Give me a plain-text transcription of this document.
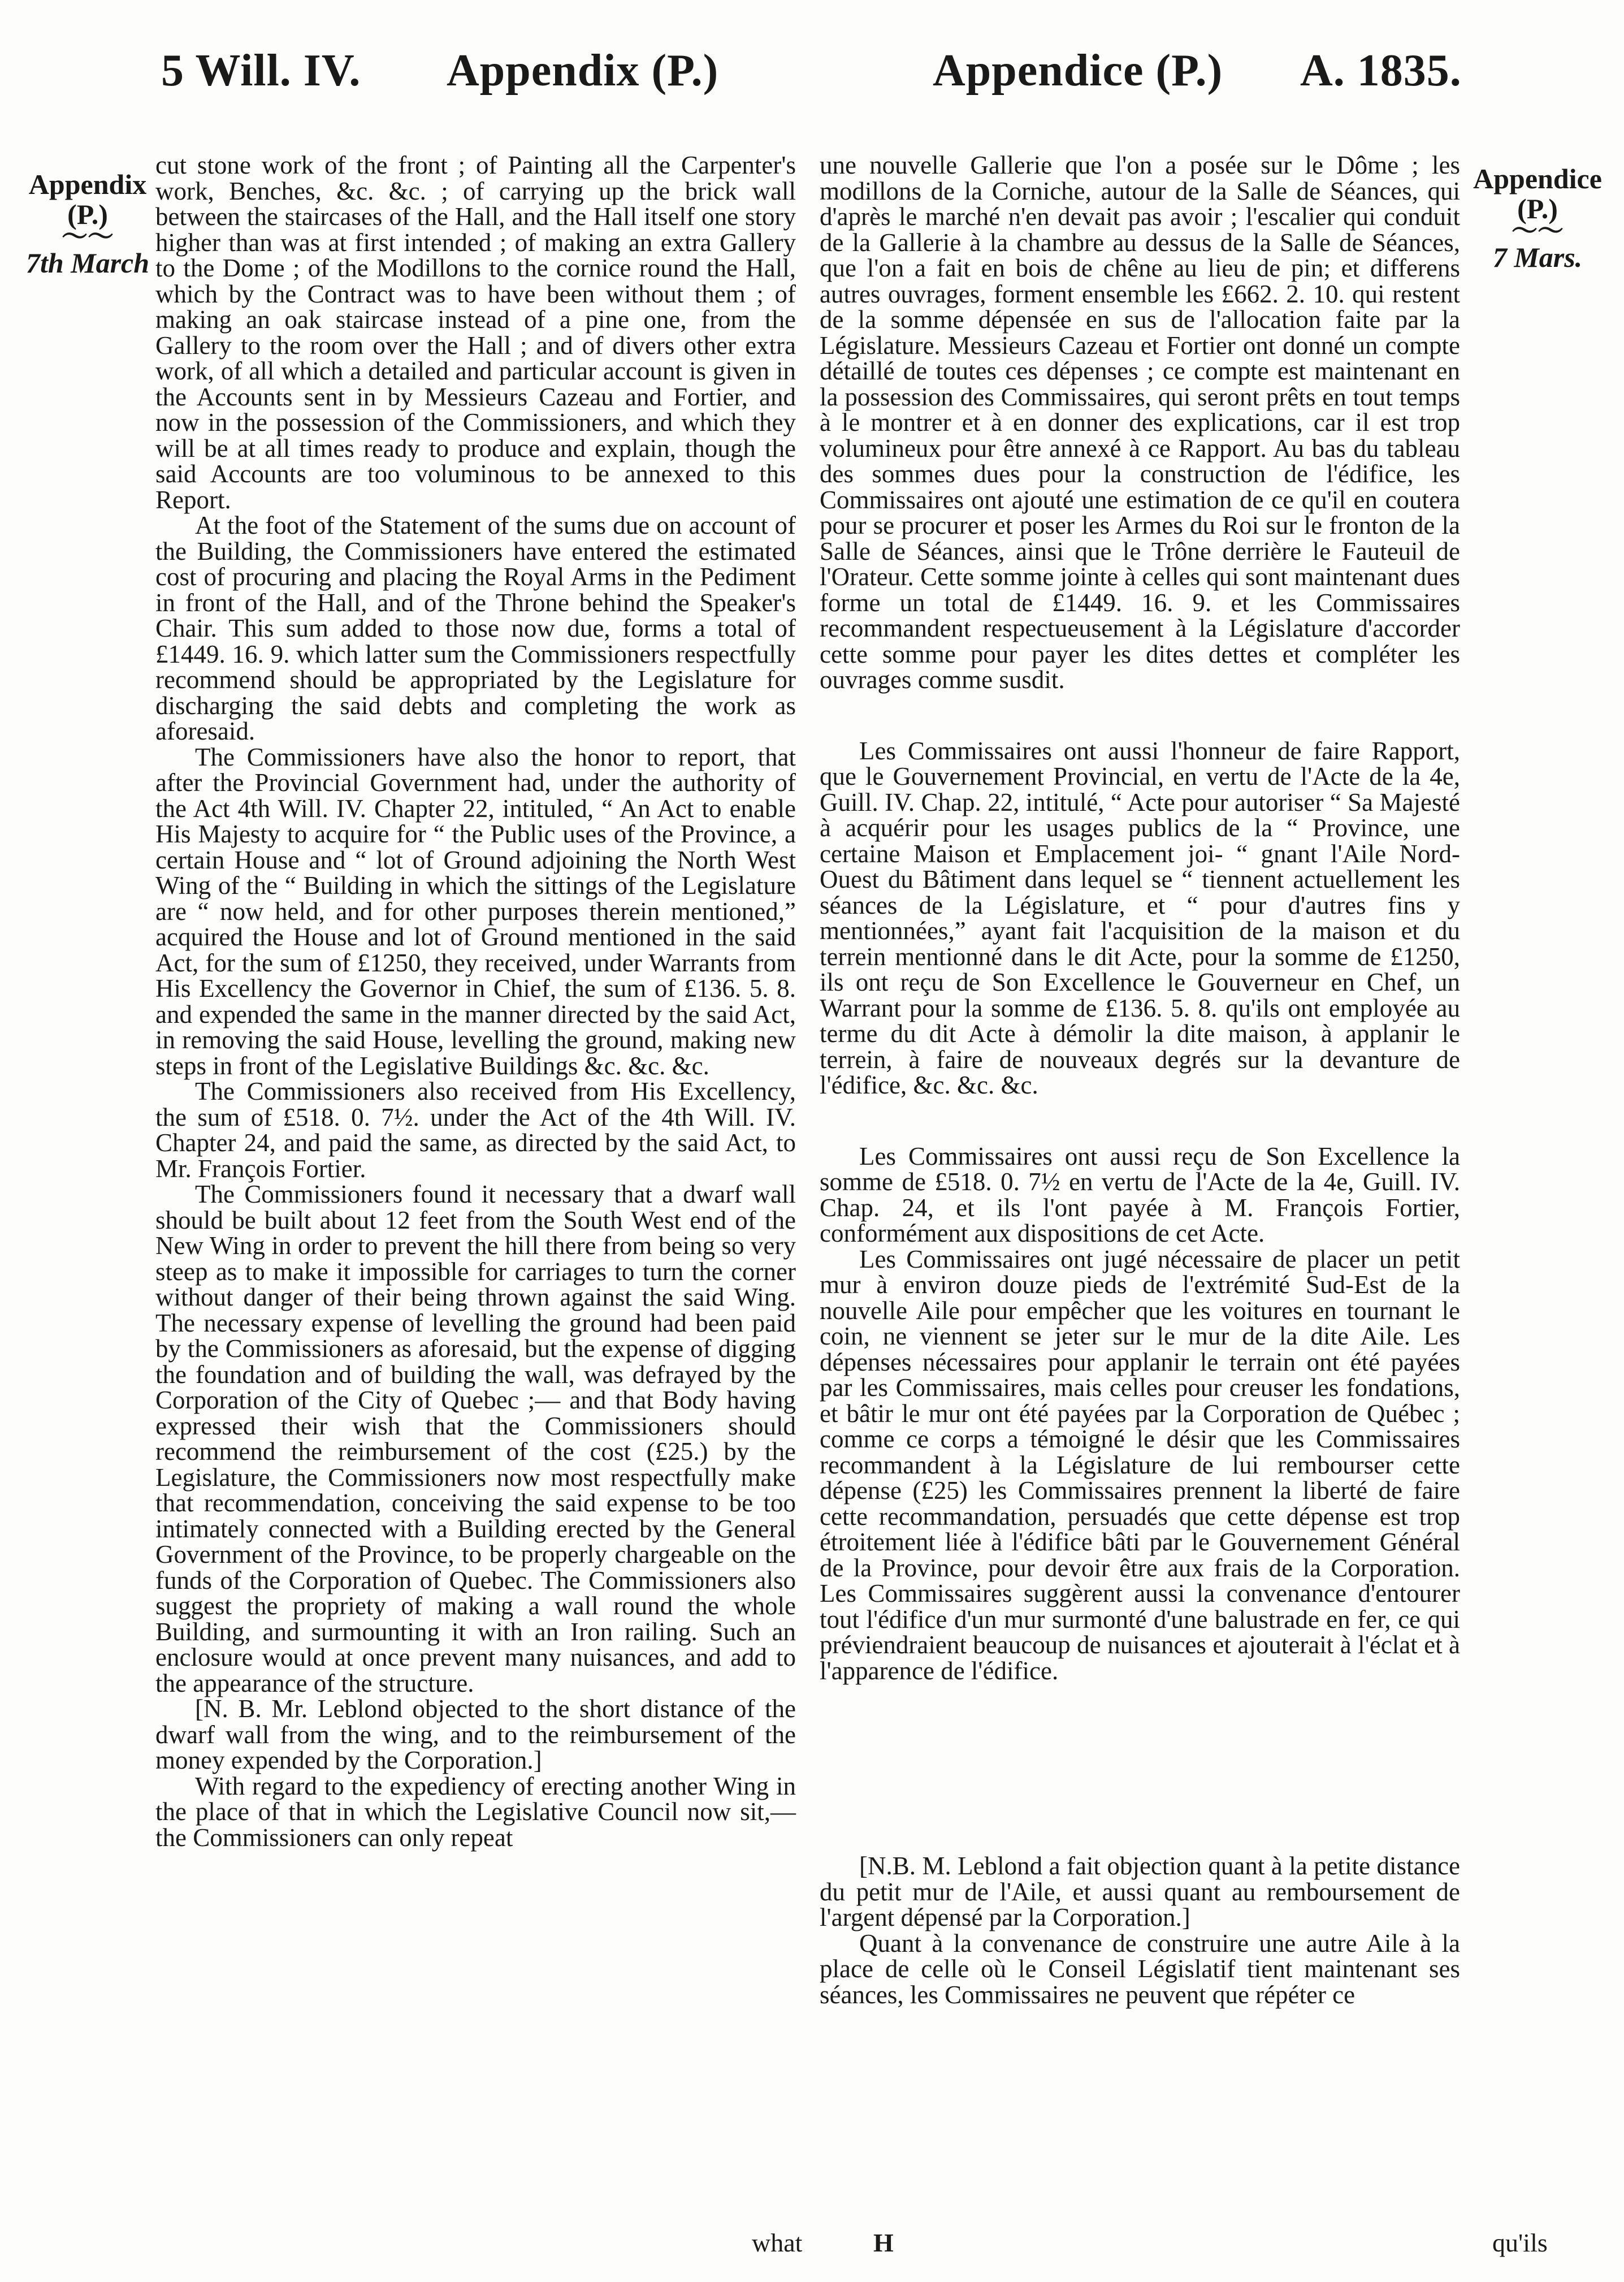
5 Will. IV. Appendix (P.)	Appendice (P.) A. 1835.
Appendix
(P.)
〜〜
7th March
Appendice
(P.)
〜〜
7 Mars.

cut stone work of the front ; of Painting all the Carpenter's work, Benches, &c. &c. ; of carrying up the brick wall between the staircases of the Hall, and the Hall itself one story higher than was at first intended ; of making an extra Gallery to the Dome ; of the Modillons to the cornice round the Hall, which by the Contract was to have been without them ; of making an oak staircase instead of a pine one, from the Gallery to the room over the Hall ; and of divers other extra work, of all which a detailed and particular account is given in the Accounts sent in by Messieurs Cazeau and Fortier, and now in the possession of the Commissioners, and which they will be at all times ready to produce and explain, though the said Accounts are too voluminous to be annexed to this Report.

At the foot of the Statement of the sums due on account of the Building, the Commissioners have entered the estimated cost of procuring and placing the Royal Arms in the Pediment in front of the Hall, and of the Throne behind the Speaker's Chair. This sum added to those now due, forms a total of £1449. 16. 9. which latter sum the Commissioners respectfully recommend should be appropriated by the Legislature for discharging the said debts and completing the work as aforesaid.

The Commissioners have also the honor to report, that after the Provincial Government had, under the authority of the Act 4th Will. IV. Chapter 22, intituled, “ An Act to enable His Majesty to acquire for “ the Public uses of the Province, a certain House and “ lot of Ground adjoining the North West Wing of the “ Building in which the sittings of the Legislature are “ now held, and for other purposes therein mentioned,” acquired the House and lot of Ground mentioned in the said Act, for the sum of £1250, they received, under Warrants from His Excellency the Governor in Chief, the sum of £136. 5. 8. and expended the same in the manner directed by the said Act, in removing the said House, levelling the ground, making new steps in front of the Legislative Buildings &c. &c. &c.

The Commissioners also received from His Excellency, the sum of £518. 0. 7½. under the Act of the 4th Will. IV. Chapter 24, and paid the same, as directed by the said Act, to Mr. François Fortier.

The Commissioners found it necessary that a dwarf wall should be built about 12 feet from the South West end of the New Wing in order to prevent the hill there from being so very steep as to make it impossible for carriages to turn the corner without danger of their being thrown against the said Wing. The necessary expense of levelling the ground had been paid by the Commissioners as aforesaid, but the expense of digging the foundation and of building the wall, was defrayed by the Corporation of the City of Quebec ;— and that Body having expressed their wish that the Commissioners should recommend the reimbursement of the cost (£25.) by the Legislature, the Commissioners now most respectfully make that recommendation, conceiving the said expense to be too intimately connected with a Building erected by the General Government of the Province, to be properly chargeable on the funds of the Corporation of Quebec. The Commissioners also suggest the propriety of making a wall round the whole Building, and surmounting it with an Iron railing. Such an enclosure would at once prevent many nuisances, and add to the appearance of the structure.

[N. B. Mr. Leblond objected to the short distance of the dwarf wall from the wing, and to the reimbursement of the money expended by the Corporation.]

With regard to the expediency of erecting another Wing in the place of that in which the Legislative Council now sit,—the Commissioners can only repeat

une nouvelle Gallerie que l'on a posée sur le Dôme ; les modillons de la Corniche, autour de la Salle de Séances, qui d'après le marché n'en devait pas avoir ; l'escalier qui conduit de la Gallerie à la chambre au dessus de la Salle de Séances, que l'on a fait en bois de chêne au lieu de pin; et differens autres ouvrages, forment ensemble les £662. 2. 10. qui restent de la somme dépensée en sus de l'allocation faite par la Législature. Messieurs Cazeau et Fortier ont donné un compte détaillé de toutes ces dépenses ; ce compte est maintenant en la possession des Commissaires, qui seront prêts en tout temps à le montrer et à en donner des explications, car il est trop volumineux pour être annexé à ce Rapport. Au bas du tableau des sommes dues pour la construction de l'édifice, les Commissaires ont ajouté une estimation de ce qu'il en coutera pour se procurer et poser les Armes du Roi sur le fronton de la Salle de Séances, ainsi que le Trône derrière le Fauteuil de l'Orateur. Cette somme jointe à celles qui sont maintenant dues forme un total de £1449. 16. 9. et les Commissaires recommandent respectueusement à la Législature d'accorder cette somme pour payer les dites dettes et compléter les ouvrages comme susdit.

Les Commissaires ont aussi l'honneur de faire Rapport, que le Gouvernement Provincial, en vertu de l'Acte de la 4e, Guill. IV. Chap. 22, intitulé, “ Acte pour autoriser “ Sa Majesté à acquérir pour les usages publics de la “ Province, une certaine Maison et Emplacement joi- “ gnant l'Aile Nord-Ouest du Bâtiment dans lequel se “ tiennent actuellement les séances de la Législature, et “ pour d'autres fins y mentionnées,” ayant fait l'acquisition de la maison et du terrein mentionné dans le dit Acte, pour la somme de £1250, ils ont reçu de Son Excellence le Gouverneur en Chef, un Warrant pour la somme de £136. 5. 8. qu'ils ont employée au terme du dit Acte à démolir la dite maison, à applanir le terrein, à faire de nouveaux degrés sur la devanture de l'édifice, &c. &c. &c.

Les Commissaires ont aussi reçu de Son Excellence la somme de £518. 0. 7½ en vertu de l'Acte de la 4e, Guill. IV. Chap. 24, et ils l'ont payée à M. François Fortier, conformément aux dispositions de cet Acte.

Les Commissaires ont jugé nécessaire de placer un petit mur à environ douze pieds de l'extrémité Sud-Est de la nouvelle Aile pour empêcher que les voitures en tournant le coin, ne viennent se jeter sur le mur de la dite Aile. Les dépenses nécessaires pour applanir le terrain ont été payées par les Commissaires, mais celles pour creuser les fondations, et bâtir le mur ont été payées par la Corporation de Québec ; comme ce corps a témoigné le désir que les Commissaires recommandent à la Législature de lui rembourser cette dépense (£25) les Commissaires prennent la liberté de faire cette recommandation, persuadés que cette dépense est trop étroitement liée à l'édifice bâti par le Gouvernement Général de la Province, pour devoir être aux frais de la Corporation. Les Commissaires suggèrent aussi la convenance d'entourer tout l'édifice d'un mur surmonté d'une balustrade en fer, ce qui préviendraient beaucoup de nuisances et ajouterait à l'éclat et à l'apparence de l'édifice.

[N.B. M. Leblond a fait objection quant à la petite distance du petit mur de l'Aile, et aussi quant au remboursement de l'argent dépensé par la Corporation.]

Quant à la convenance de construire une autre Aile à la place de celle où le Conseil Législatif tient maintenant ses séances, les Commissaires ne peuvent que répéter ce

what	H	qu'ils
